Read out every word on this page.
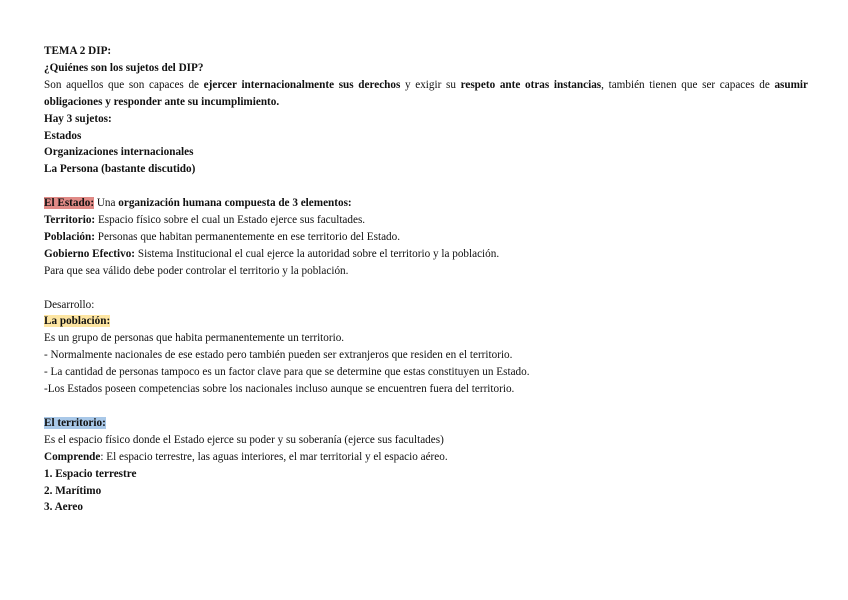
TEMA 2 DIP:
¿Quiénes son los sujetos del DIP?
Son aquellos que son capaces de ejercer internacionalmente sus derechos y exigir su respeto ante otras instancias, también tienen que ser capaces de asumir obligaciones y responder ante su incumplimiento.
Hay 3 sujetos:
Estados
Organizaciones internacionales
La Persona (bastante discutido)
El Estado: Una organización humana compuesta de 3 elementos:
Territorio: Espacio físico sobre el cual un Estado ejerce sus facultades.
Población: Personas que habitan permanentemente en ese territorio del Estado.
Gobierno Efectivo: Sistema Institucional el cual ejerce la autoridad sobre el territorio y la población.
Para que sea válido debe poder controlar el territorio y la población.
Desarrollo:
La población:
Es un grupo de personas que habita permanentemente un territorio.
- Normalmente nacionales de ese estado pero también pueden ser extranjeros que residen en el territorio.
- La cantidad de personas tampoco es un factor clave para que se determine que estas constituyen un Estado.
-Los Estados poseen competencias sobre los nacionales incluso aunque se encuentren fuera del territorio.
El territorio:
Es el espacio físico donde el Estado ejerce su poder y su soberanía (ejerce sus facultades)
Comprende: El espacio terrestre, las aguas interiores, el mar territorial y el espacio aéreo.
1. Espacio terrestre
2. Marítimo
3. Aereo
